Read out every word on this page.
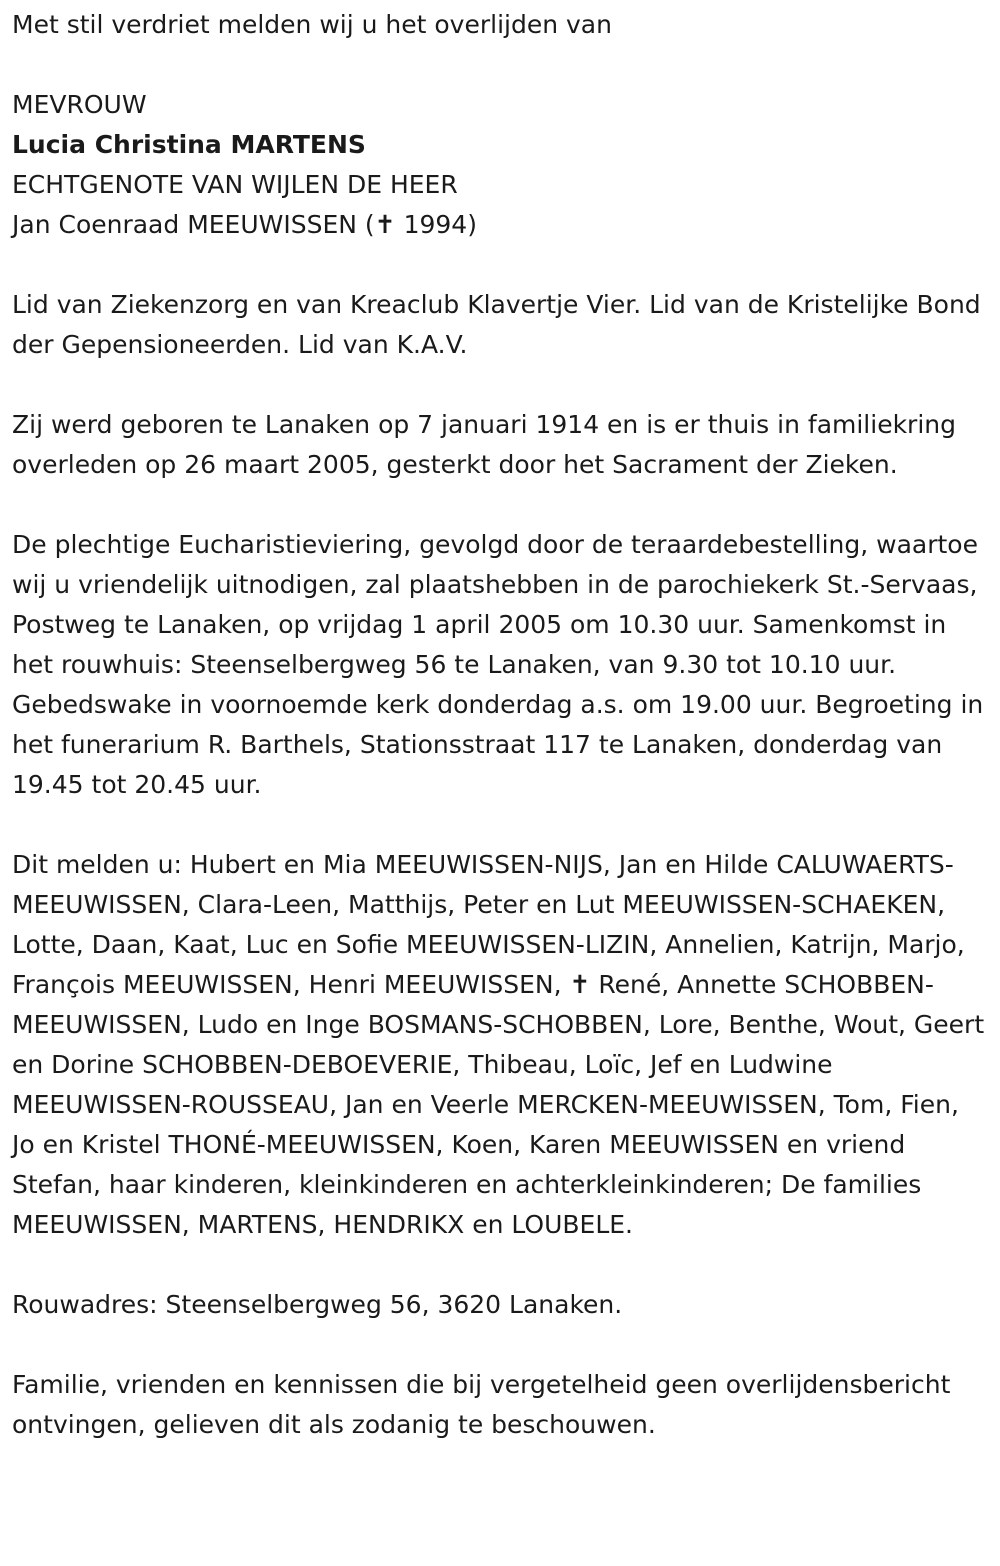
Met stil verdriet melden wij u het overlijden van

MEVROUW

Lucia Christina MARTENS

ECHTGENOTE VAN WIJLEN DE HEER

Jan Coenraad MEEUWISSEN (✝ 1994)

Lid van Ziekenzorg en van Kreaclub Klavertje Vier. Lid van de Kristelijke Bond der Gepensioneerden. Lid van K.A.V.

Zij werd geboren te Lanaken op 7 januari 1914 en is er thuis in familiekring overleden op 26 maart 2005, gesterkt door het Sacrament der Zieken.

De plechtige Eucharistieviering, gevolgd door de teraardebestelling, waartoe wij u vriendelijk uitnodigen, zal plaatshebben in de parochiekerk St.-Servaas, Postweg te Lanaken, op vrijdag 1 april 2005 om 10.30 uur. Samenkomst in het rouwhuis: Steenselbergweg 56 te Lanaken, van 9.30 tot 10.10 uur. Gebedswake in voornoemde kerk donderdag a.s. om 19.00 uur. Begroeting in het funerarium R. Barthels, Stationsstraat 117 te Lanaken, donderdag van 19.45 tot 20.45 uur.

Dit melden u: Hubert en Mia MEEUWISSEN-NIJS, Jan en Hilde CALUWAERTS-MEEUWISSEN, Clara-Leen, Matthijs, Peter en Lut MEEUWISSEN-SCHAEKEN, Lotte, Daan, Kaat, Luc en Sofie MEEUWISSEN-LIZIN, Annelien, Katrijn, Marjo, François MEEUWISSEN, Henri MEEUWISSEN, ✝ René, Annette SCHOBBEN-MEEUWISSEN, Ludo en Inge BOSMANS-SCHOBBEN, Lore, Benthe, Wout, Geert en Dorine SCHOBBEN-DEBOEVERIE, Thibeau, Loïc, Jef en Ludwine MEEUWISSEN-ROUSSEAU, Jan en Veerle MERCKEN-MEEUWISSEN, Tom, Fien, Jo en Kristel THONÉ-MEEUWISSEN, Koen, Karen MEEUWISSEN en vriend Stefan, haar kinderen, kleinkinderen en achterkleinkinderen; De families MEEUWISSEN, MARTENS, HENDRIKX en LOUBELE.

Rouwadres: Steenselbergweg 56, 3620 Lanaken.

Familie, vrienden en kennissen die bij vergetelheid geen overlijdensbericht ontvingen, gelieven dit als zodanig te beschouwen.
